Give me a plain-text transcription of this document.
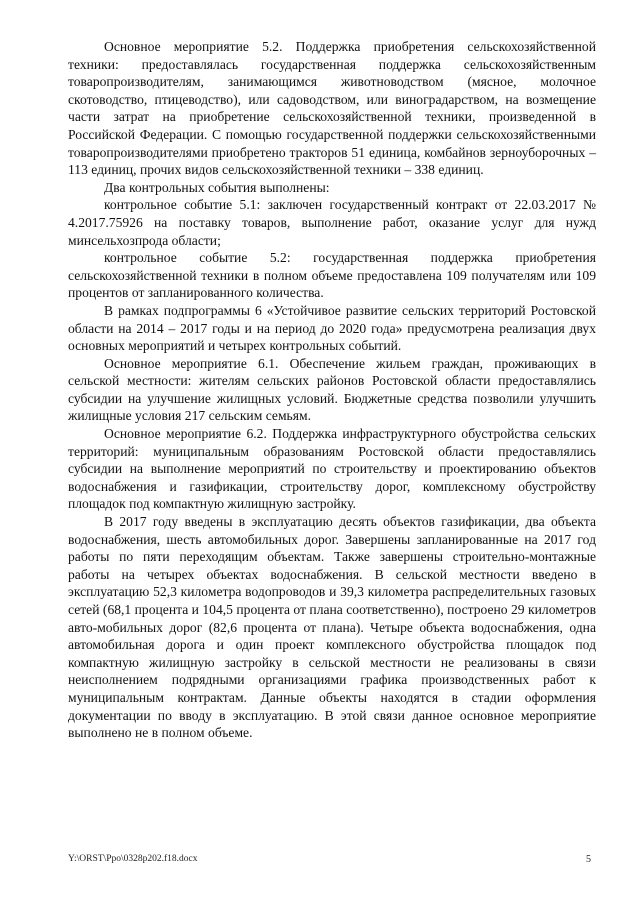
Основное мероприятие 5.2. Поддержка приобретения сельскохозяйственной техники: предоставлялась государственная поддержка сельскохозяйственным товаропроизводителям, занимающимся животноводством (мясное, молочное скотоводство, птицеводство), или садоводством, или виноградарством, на возмещение части затрат на приобретение сельскохозяйственной техники, произведенной в Российской Федерации. С помощью государственной поддержки сельскохозяйственными товаропроизводителями приобретено тракторов 51 единица, комбайнов зерноуборочных – 113 единиц, прочих видов сельскохозяйственной техники – 338 единиц.

Два контрольных события выполнены:

контрольное событие 5.1: заключен государственный контракт от 22.03.2017 № 4.2017.75926 на поставку товаров, выполнение работ, оказание услуг для нужд минсельхозпрода области;

контрольное событие 5.2: государственная поддержка приобретения сельскохозяйственной техники в полном объеме предоставлена 109 получателям или 109 процентов от запланированного количества.

В рамках подпрограммы 6 «Устойчивое развитие сельских территорий Ростовской области на 2014 – 2017 годы и на период до 2020 года» предусмотрена реализация двух основных мероприятий и четырех контрольных событий.

Основное мероприятие 6.1. Обеспечение жильем граждан, проживающих в сельской местности: жителям сельских районов Ростовской области предоставлялись субсидии на улучшение жилищных условий. Бюджетные средства позволили улучшить жилищные условия 217 сельским семьям.

Основное мероприятие 6.2. Поддержка инфраструктурного обустройства сельских территорий: муниципальным образованиям Ростовской области предоставлялись субсидии на выполнение мероприятий по строительству и проектированию объектов водоснабжения и газификации, строительству дорог, комплексному обустройству площадок под компактную жилищную застройку.

В 2017 году введены в эксплуатацию десять объектов газификации, два объекта водоснабжения, шесть автомобильных дорог. Завершены запланированные на 2017 год работы по пяти переходящим объектам. Также завершены строительно-монтажные работы на четырех объектах водоснабжения. В сельской местности введено в эксплуатацию 52,3 километра водопроводов и 39,3 километра распределительных газовых сетей (68,1 процента и 104,5 процента от плана соответственно), построено 29 километров авто-мобильных дорог (82,6 процента от плана). Четыре объекта водоснабжения, одна автомобильная дорога и один проект комплексного обустройства площадок под компактную жилищную застройку в сельской местности не реализованы в связи неисполнением подрядными организациями графика производственных работ к муниципальным контрактам. Данные объекты находятся в стадии оформления документации по вводу в эксплуатацию. В этой связи данное основное мероприятие выполнено не в полном объеме.

Y:\ORST\Ppo\0328p202.f18.docx	5
